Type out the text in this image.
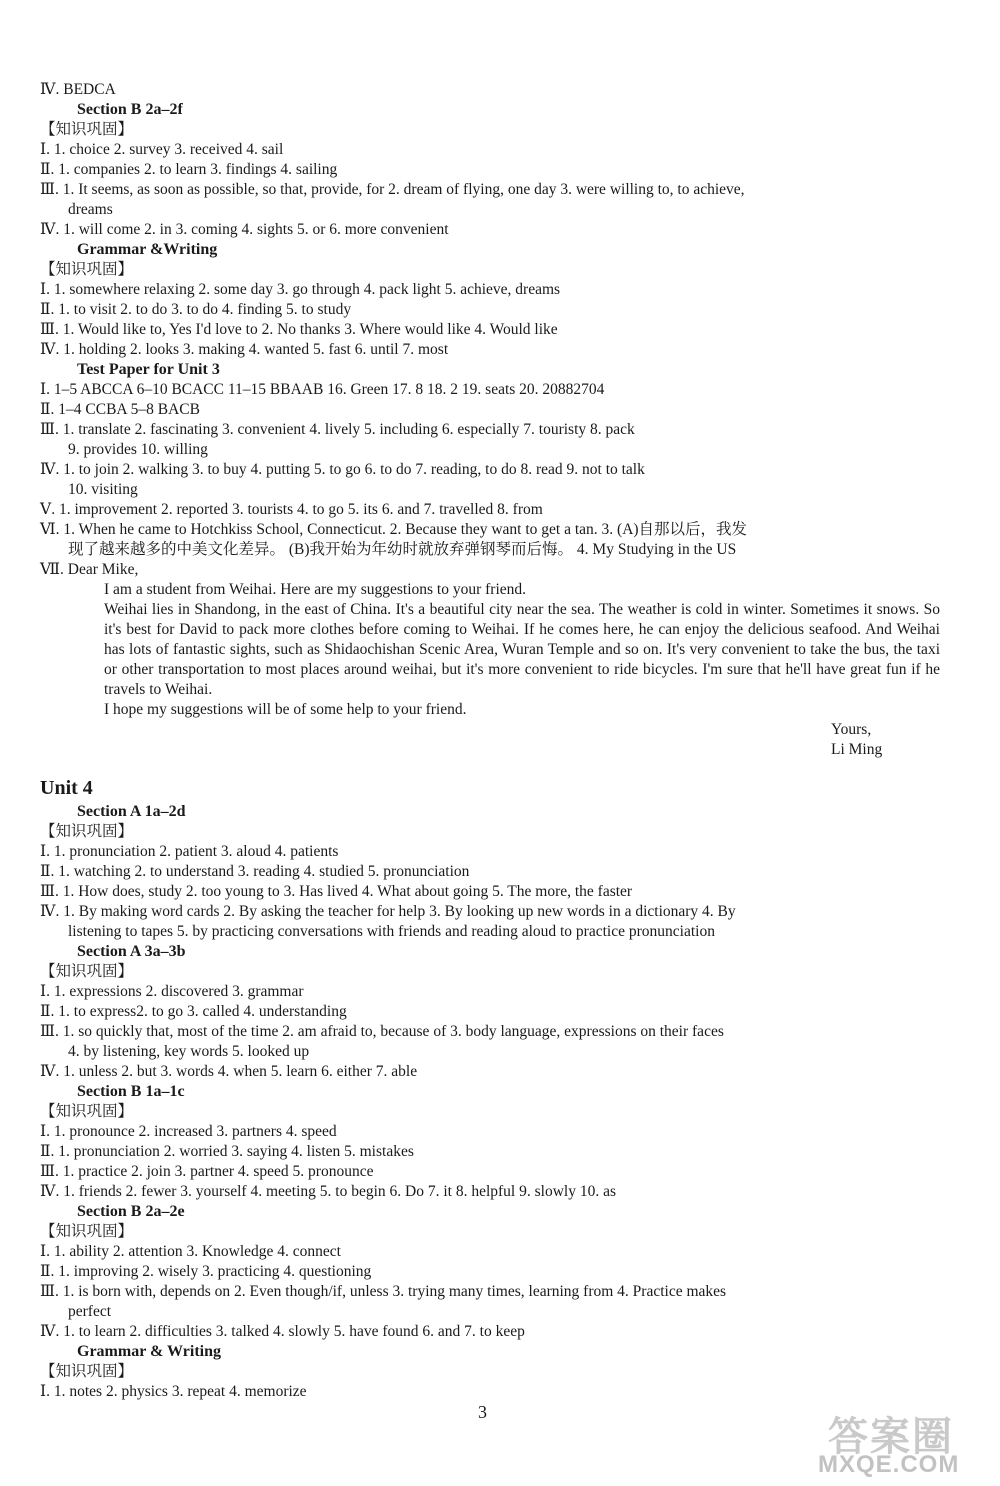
Ⅳ. BEDCA
Section B 2a–2f
【知识巩固】
Ⅰ. 1. choice 2. survey 3. received 4. sail
Ⅱ. 1. companies 2. to learn 3. findings 4. sailing
Ⅲ. 1. It seems, as soon as possible, so that, provide, for 2. dream of flying, one day 3. were willing to, to achieve,
dreams
Ⅳ. 1. will come 2. in 3. coming 4. sights 5. or 6. more convenient
Grammar &Writing
【知识巩固】
Ⅰ. 1. somewhere relaxing 2. some day 3. go through 4. pack light 5. achieve, dreams
Ⅱ. 1. to visit 2. to do 3. to do 4. finding 5. to study
Ⅲ. 1. Would like to, Yes I'd love to 2. No thanks 3. Where would like 4. Would like
Ⅳ. 1. holding 2. looks 3. making 4. wanted 5. fast 6. until 7. most
Test Paper for Unit 3
Ⅰ. 1–5 ABCCA 6–10 BCACC 11–15 BBAAB 16. Green 17. 8 18. 2 19. seats 20. 20882704
Ⅱ. 1–4 CCBA 5–8 BACB
Ⅲ. 1. translate 2. fascinating 3. convenient 4. lively 5. including 6. especially 7. touristy 8. pack
9. provides 10. willing
Ⅳ. 1. to join 2. walking 3. to buy 4. putting 5. to go 6. to do 7. reading, to do 8. read 9. not to talk
10. visiting
Ⅴ. 1. improvement 2. reported 3. tourists 4. to go 5. its 6. and 7. travelled 8. from
Ⅵ. 1. When he came to Hotchkiss School, Connecticut. 2. Because they want to get a tan. 3. (A)自那以后，我发
现了越来越多的中美文化差异。 (B)我开始为年幼时就放弃弹钢琴而后悔。 4. My Studying in the US
Ⅶ. Dear Mike,
I am a student from Weihai. Here are my suggestions to your friend.
Weihai lies in Shandong, in the east of China. It's a beautiful city near the sea. The weather is cold in winter. Sometimes it snows. So it's best for David to pack more clothes before coming to Weihai. If he comes here, he can enjoy the delicious seafood. And Weihai has lots of fantastic sights, such as Shidaochishan Scenic Area, Wuran Temple and so on. It's very convenient to take the bus, the taxi or other transportation to most places around weihai, but it's more convenient to ride bicycles. I'm sure that he'll have great fun if he travels to Weihai.
I hope my suggestions will be of some help to your friend.
Yours,
Li Ming
Unit 4
Section A 1a–2d
【知识巩固】
Ⅰ. 1. pronunciation 2. patient 3. aloud 4. patients
Ⅱ. 1. watching 2. to understand 3. reading 4. studied 5. pronunciation
Ⅲ. 1. How does, study 2. too young to 3. Has lived 4. What about going 5. The more, the faster
Ⅳ. 1. By making word cards 2. By asking the teacher for help 3. By looking up new words in a dictionary 4. By
listening to tapes 5. by practicing conversations with friends and reading aloud to practice pronunciation
Section A 3a–3b
【知识巩固】
Ⅰ. 1. expressions 2. discovered 3. grammar
Ⅱ. 1. to express2. to go 3. called 4. understanding
Ⅲ. 1. so quickly that, most of the time 2. am afraid to, because of 3. body language, expressions on their faces
4. by listening, key words 5. looked up
Ⅳ. 1. unless 2. but 3. words 4. when 5. learn 6. either 7. able
Section B 1a–1c
【知识巩固】
Ⅰ. 1. pronounce 2. increased 3. partners 4. speed
Ⅱ. 1. pronunciation 2. worried 3. saying 4. listen 5. mistakes
Ⅲ. 1. practice 2. join 3. partner 4. speed 5. pronounce
Ⅳ. 1. friends 2. fewer 3. yourself 4. meeting 5. to begin 6. Do 7. it 8. helpful 9. slowly 10. as
Section B 2a–2e
【知识巩固】
Ⅰ. 1. ability 2. attention 3. Knowledge 4. connect
Ⅱ. 1. improving 2. wisely 3. practicing 4. questioning
Ⅲ. 1. is born with, depends on 2. Even though/if, unless 3. trying many times, learning from 4. Practice makes
perfect
Ⅳ. 1. to learn 2. difficulties 3. talked 4. slowly 5. have found 6. and 7. to keep
Grammar & Writing
【知识巩固】
Ⅰ. 1. notes 2. physics 3. repeat 4. memorize
3
答案圈
MXQE.COM
